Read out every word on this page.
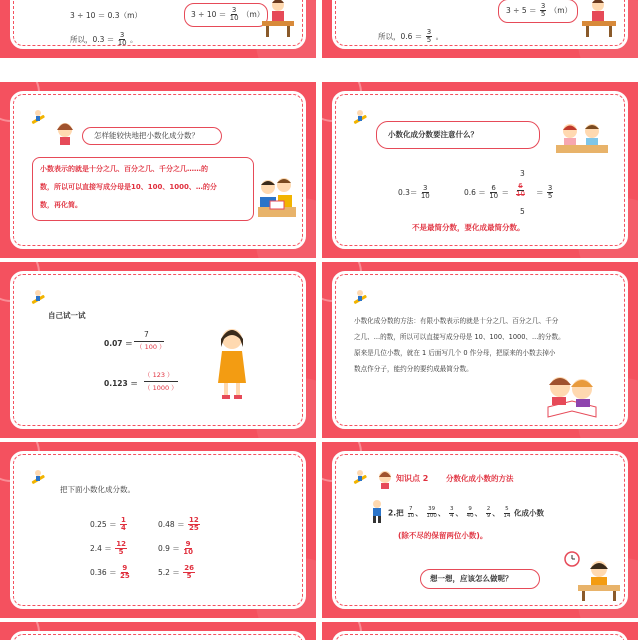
3 ÷ 10 ＝ 0.3（m）	$3 \div 10 = \frac{3}{10} (m)$
所以，$0.3 = \frac{3}{10}$ 。
$3 \div 5 = \frac{3}{5} (m)$
所以，$0.6 = \frac{3}{5}$ 。
怎样能较快地把小数化成分数？
小数表示的就是十分之几、百分之几、千分之几……的
数，所以可以直接写成分母是10、100、1000、…的分
数，再化简。
小数化成分数要注意什么？
$0.3= \frac{3}{10}$	$0.6 = \frac{6}{10}$ ＝
3
$\frac{6}{10}$
5
＝ $\frac{3}{5}$
不是最简分数，要化成最简分数。
自己试一试
0.07 ＝
7
（ 100 ）
0.123 ＝
（ 123 ）
（ 1000 ）
小数化成分数的方法：有限小数表示的就是十分之几、百分之几、千分
之几、...的数，所以可以直接写成分母是 10、100、1000、...的分数。
原来是几位小数，就在 1 后面写几个 0 作分母，把原来的小数去掉小
数点作分子，能约分的要约成最简分数。
把下面小数化成分数。
$0.25 = \frac{1}{4}$	$0.48 = \frac{12}{25}$
$2.4 = \frac{12}{5}$	$0.9 = \frac{9}{10}$
$0.36 = \frac{9}{25}$	$5.2 = \frac{26}{5}$
知识点 2 分数化成小数的方法
2.把 $\frac{7}{10}$ 、 $\frac{39}{100}$ 、 $\frac{3}{4}$ 、 $\frac{9}{40}$ 、 $\frac{2}{9}$ 、 $\frac{5}{14}$ 化成小数
(除不尽的保留两位小数)。
想一想，应该怎么做呢？
